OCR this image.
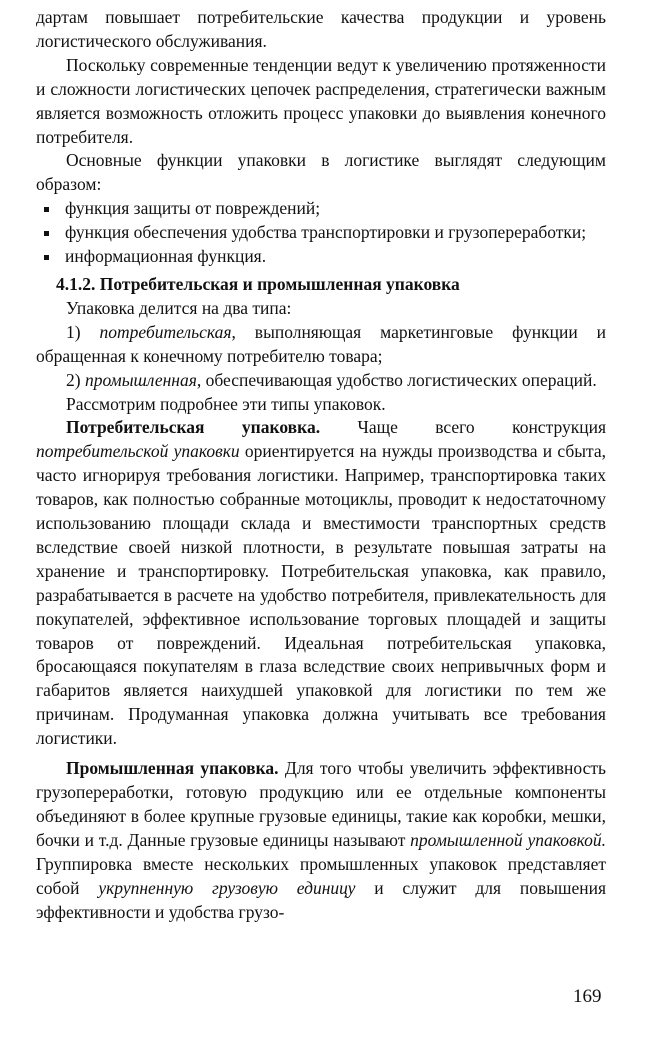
дартам повышает потребительские качества продукции и уровень логистического обслуживания.

Поскольку современные тенденции ведут к увеличению протяженности и сложности логистических цепочек распределения, стратегически важным является возможность отложить процесс упаковки до выявления конечного потребителя.

Основные функции упаковки в логистике выглядят следующим образом:

функция защиты от повреждений;
функция обеспечения удобства транспортировки и грузопереработки;
информационная функция.

4.1.2. Потребительская и промышленная упаковка

Упаковка делится на два типа:

1) потребительская, выполняющая маркетинговые функции и обращенная к конечному потребителю товара;

2) промышленная, обеспечивающая удобство логистических операций.

Рассмотрим подробнее эти типы упаковок.

Потребительская упаковка. Чаще всего конструкция потребительской упаковки ориентируется на нужды производства и сбыта, часто игнорируя требования логистики. Например, транспортировка таких товаров, как полностью собранные мотоциклы, проводит к недостаточному использованию площади склада и вместимости транспортных средств вследствие своей низкой плотности, в результате повышая затраты на хранение и транспортировку. Потребительская упаковка, как правило, разрабатывается в расчете на удобство потребителя, привлекательность для покупателей, эффективное использование торговых площадей и защиты товаров от повреждений. Идеальная потребительская упаковка, бросающаяся покупателям в глаза вследствие своих непривычных форм и габаритов является наихудшей упаковкой для логистики по тем же причинам. Продуманная упаковка должна учитывать все требования логистики.

Промышленная упаковка. Для того чтобы увеличить эффективность грузопереработки, готовую продукцию или ее отдельные компоненты объединяют в более крупные грузовые единицы, такие как коробки, мешки, бочки и т.д. Данные грузовые единицы называют промышленной упаковкой. Группировка вместе нескольких промышленных упаковок представляет собой укрупненную грузовую единицу и служит для повышения эффективности и удобства грузо-

169
